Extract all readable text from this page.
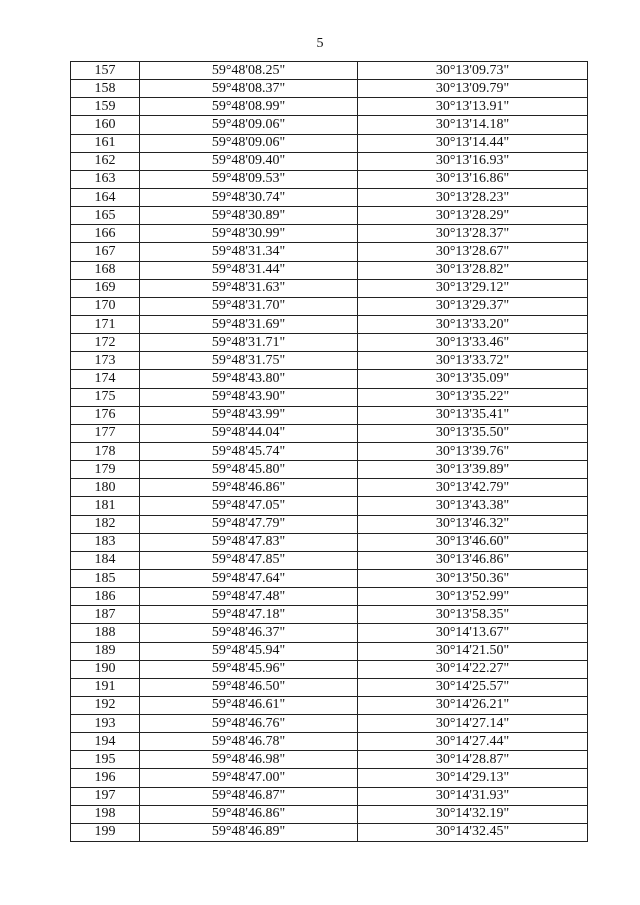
5
157	59°48'08.25"	30°13'09.73"
158	59°48'08.37"	30°13'09.79"
159	59°48'08.99"	30°13'13.91"
160	59°48'09.06"	30°13'14.18"
161	59°48'09.06"	30°13'14.44"
162	59°48'09.40"	30°13'16.93"
163	59°48'09.53"	30°13'16.86"
164	59°48'30.74"	30°13'28.23"
165	59°48'30.89"	30°13'28.29"
166	59°48'30.99"	30°13'28.37"
167	59°48'31.34"	30°13'28.67"
168	59°48'31.44"	30°13'28.82"
169	59°48'31.63"	30°13'29.12"
170	59°48'31.70"	30°13'29.37"
171	59°48'31.69"	30°13'33.20"
172	59°48'31.71"	30°13'33.46"
173	59°48'31.75"	30°13'33.72"
174	59°48'43.80"	30°13'35.09"
175	59°48'43.90"	30°13'35.22"
176	59°48'43.99"	30°13'35.41"
177	59°48'44.04"	30°13'35.50"
178	59°48'45.74"	30°13'39.76"
179	59°48'45.80"	30°13'39.89"
180	59°48'46.86"	30°13'42.79"
181	59°48'47.05"	30°13'43.38"
182	59°48'47.79"	30°13'46.32"
183	59°48'47.83"	30°13'46.60"
184	59°48'47.85"	30°13'46.86"
185	59°48'47.64"	30°13'50.36"
186	59°48'47.48"	30°13'52.99"
187	59°48'47.18"	30°13'58.35"
188	59°48'46.37"	30°14'13.67"
189	59°48'45.94"	30°14'21.50"
190	59°48'45.96"	30°14'22.27"
191	59°48'46.50"	30°14'25.57"
192	59°48'46.61"	30°14'26.21"
193	59°48'46.76"	30°14'27.14"
194	59°48'46.78"	30°14'27.44"
195	59°48'46.98"	30°14'28.87"
196	59°48'47.00"	30°14'29.13"
197	59°48'46.87"	30°14'31.93"
198	59°48'46.86"	30°14'32.19"
199	59°48'46.89"	30°14'32.45"
